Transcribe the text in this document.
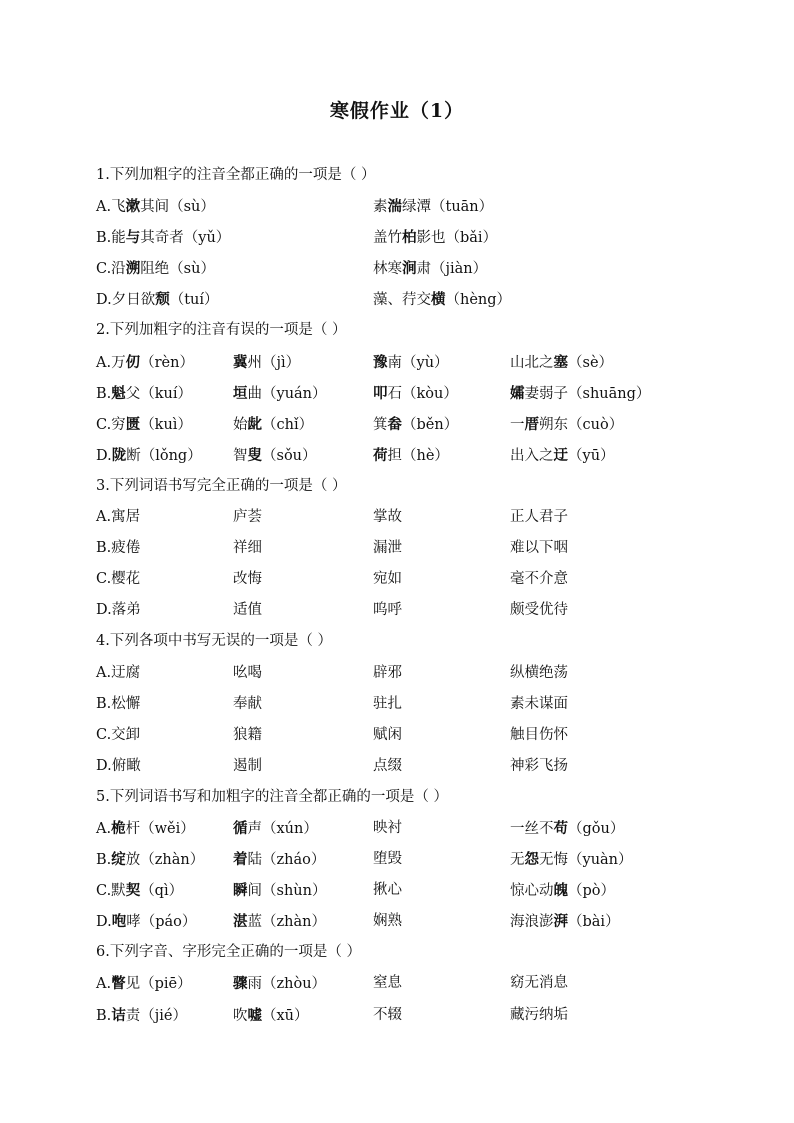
寒假作业（1）
1.下列加粗字的注音全都正确的一项是（ ）
A.飞漱其间（sù）	素湍绿潭（tuān）
B.能与其奇者（yǔ）	盖竹柏影也（bǎi）
C.沿溯阻绝（sù）	林寒涧肃（jiàn）
D.夕日欲颓（tuí）	藻、荇交横（hèng）
2.下列加粗字的注音有误的一项是（ ）
A.万仞（rèn）	冀州（jì）	豫南（yù）	山北之塞（sè）
B.魁父（kuí）	垣曲（yuán）	叩石（kòu）	孀妻弱子（shuāng）
C.穷匮（kuì）	始龀（chǐ）	箕畚（běn）	一厝朔东（cuò）
D.陇断（lǒng） 智叟（sǒu）	荷担（hè）	出入之迂（yū）
3.下列词语书写完全正确的一项是（ ）
A.寓居	庐荟	掌故	正人君子
B.疲倦	祥细	漏泄	难以下咽
C.樱花	改悔	宛如	毫不介意
D.落弟	适值	呜呼	颇受优待
4.下列各项中书写无误的一项是（ ）
A.迂腐	吆喝	辟邪	纵横绝荡
B.松懈	奉献	驻扎	素未谋面
C.交卸	狼籍	赋闲	触目伤怀
D.俯瞰	遏制	点缀	神彩飞扬
5.下列词语书写和加粗字的注音全都正确的一项是（ ）
A.桅杆（wěi）	循声（xún）	映衬	一丝不苟（gǒu）
B.绽放（zhàn） 着陆（zháo）	堕毁	无怨无悔（yuàn）
C.默契（qì）	瞬间（shùn）	揪心	惊心动魄（pò）
D.咆哮（páo）	湛蓝（zhàn）	娴熟	海浪澎湃（bài）
6.下列字音、字形完全正确的一项是（ ）
A.瞥见（piē）	骤雨（zhòu）	窒息	窈无消息
B.诘责（jié）	吹嘘（xū）	不辍	藏污纳垢
